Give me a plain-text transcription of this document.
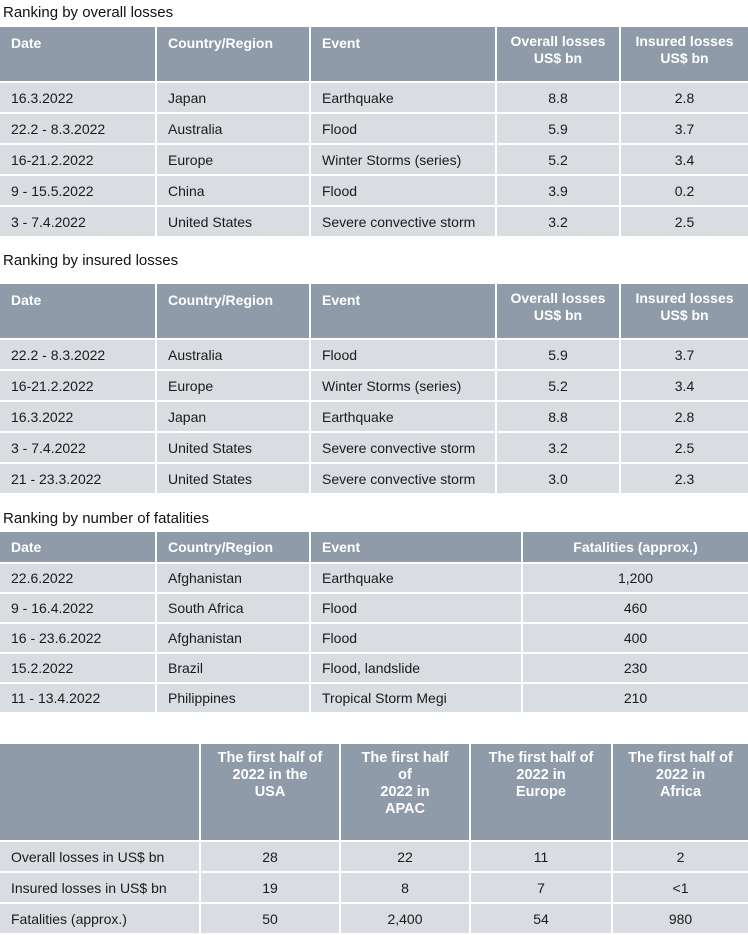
Ranking by overall losses
Date	Country/Region	Event	Overall losses
US$ bn	Insured losses
US$ bn
16.3.2022	Japan	Earthquake	8.8	2.8
22.2 - 8.3.2022	Australia	Flood	5.9	3.7
16-21.2.2022	Europe	Winter Storms (series)	5.2	3.4
9 - 15.5.2022	China	Flood	3.9	0.2
3 - 7.4.2022	United States	Severe convective storm	3.2	2.5
Ranking by insured losses
Date	Country/Region	Event	Overall losses
US$ bn	Insured losses
US$ bn
22.2 - 8.3.2022	Australia	Flood	5.9	3.7
16-21.2.2022	Europe	Winter Storms (series)	5.2	3.4
16.3.2022	Japan	Earthquake	8.8	2.8
3 - 7.4.2022	United States	Severe convective storm	3.2	2.5
21 - 23.3.2022	United States	Severe convective storm	3.0	2.3
Ranking by number of fatalities
Date	Country/Region	Event	Fatalities (approx.)
22.6.2022	Afghanistan	Earthquake	1,200
9 - 16.4.2022	South Africa	Flood	460
16 - 23.6.2022	Afghanistan	Flood	400
15.2.2022	Brazil	Flood, landslide	230
11 - 13.4.2022	Philippines	Tropical Storm Megi	210
	The first half of
2022 in the
USA	The first half
of
2022 in
APAC	The first half of
2022 in
Europe	The first half of
2022 in
Africa
Overall losses in US$ bn	28	22	11	2
Insured losses in US$ bn	19	8	7	<1
Fatalities (approx.)	50	2,400	54	980
